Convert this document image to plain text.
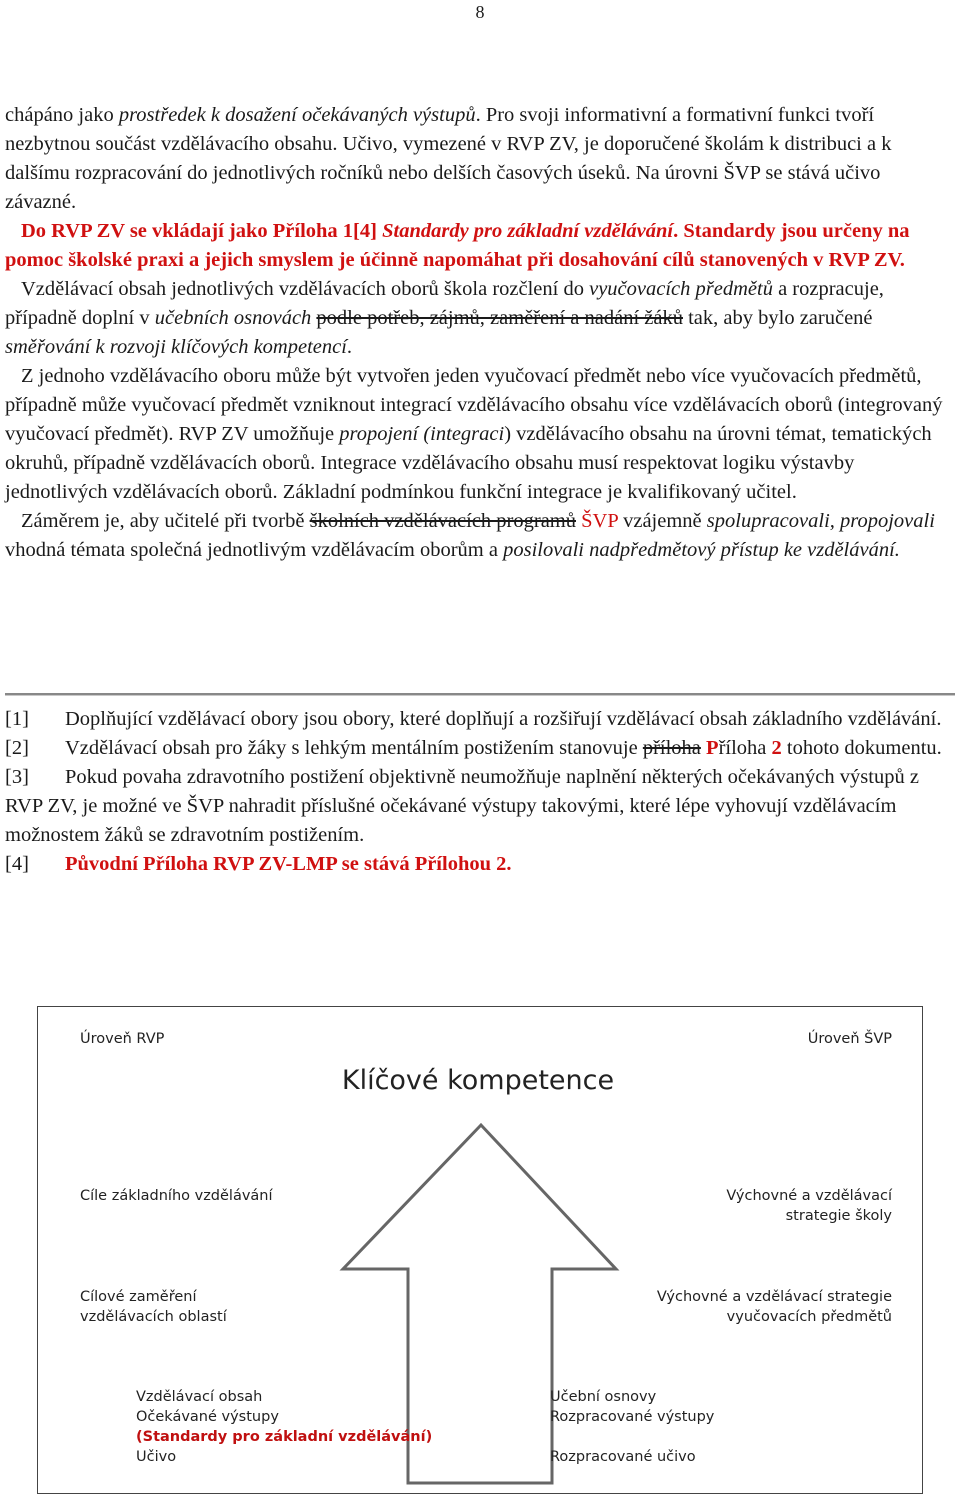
8

chápáno jako prostředek k dosažení očekávaných výstupů. Pro svoji informativní a formativní funkci tvoří nezbytnou součást vzdělávacího obsahu. Učivo, vymezené v RVP ZV, je doporučené školám k distribuci a k dalšímu rozpracování do jednotlivých ročníků nebo delších časových úseků. Na úrovni ŠVP se stává učivo závazné.

Do RVP ZV se vkládají jako Příloha 1[4] Standardy pro základní vzdělávání. Standardy jsou určeny na pomoc školské praxi a jejich smyslem je účinně napomáhat při dosahování cílů stanovených v RVP ZV.

Vzdělávací obsah jednotlivých vzdělávacích oborů škola rozčlení do vyučovacích předmětů a rozpracuje, případně doplní v učebních osnovách podle potřeb, zájmů, zaměření a nadání žáků tak, aby bylo zaručené směřování k rozvoji klíčových kompetencí.

Z jednoho vzdělávacího oboru může být vytvořen jeden vyučovací předmět nebo více vyučovacích předmětů, případně může vyučovací předmět vzniknout integrací vzdělávacího obsahu více vzdělávacích oborů (integrovaný vyučovací předmět). RVP ZV umožňuje propojení (integraci) vzdělávacího obsahu na úrovni témat, tematických okruhů, případně vzdělávacích oborů. Integrace vzdělávacího obsahu musí respektovat logiku výstavby jednotlivých vzdělávacích oborů. Základní podmínkou funkční integrace je kvalifikovaný učitel.

Záměrem je, aby učitelé při tvorbě školních vzdělávacích programů ŠVP vzájemně spolupracovali, propojovali vhodná témata společná jednotlivým vzdělávacím oborům a posilovali nadpředmětový přístup ke vzdělávání.

[1] Doplňující vzdělávací obory jsou obory, které doplňují a rozšiřují vzdělávací obsah základního vzdělávání.
[2] Vzdělávací obsah pro žáky s lehkým mentálním postižením stanovuje příloha Příloha 2 tohoto dokumentu.
[3] Pokud povaha zdravotního postižení objektivně neumožňuje naplnění některých očekávaných výstupů z RVP ZV, je možné ve ŠVP nahradit příslušné očekávané výstupy takovými, které lépe vyhovují vzdělávacím možnostem žáků se zdravotním postižením.
[4] Původní Příloha RVP ZV-LMP se stává Přílohou 2.
Úroveň RVP	Úroveň ŠVP
Klíčové kompetence
Cíle základního vzdělávání	Výchovné a vzdělávací
strategie školy
Cílové zaměření
vzdělávacích oblastí
Výchovné a vzdělávací strategie
vyučovacích předmětů
Vzdělávací obsah
Očekávané výstupy
(Standardy pro základní vzdělávání)
Učivo
Učební osnovy
Rozpracované výstupy
Rozpracované učivo
